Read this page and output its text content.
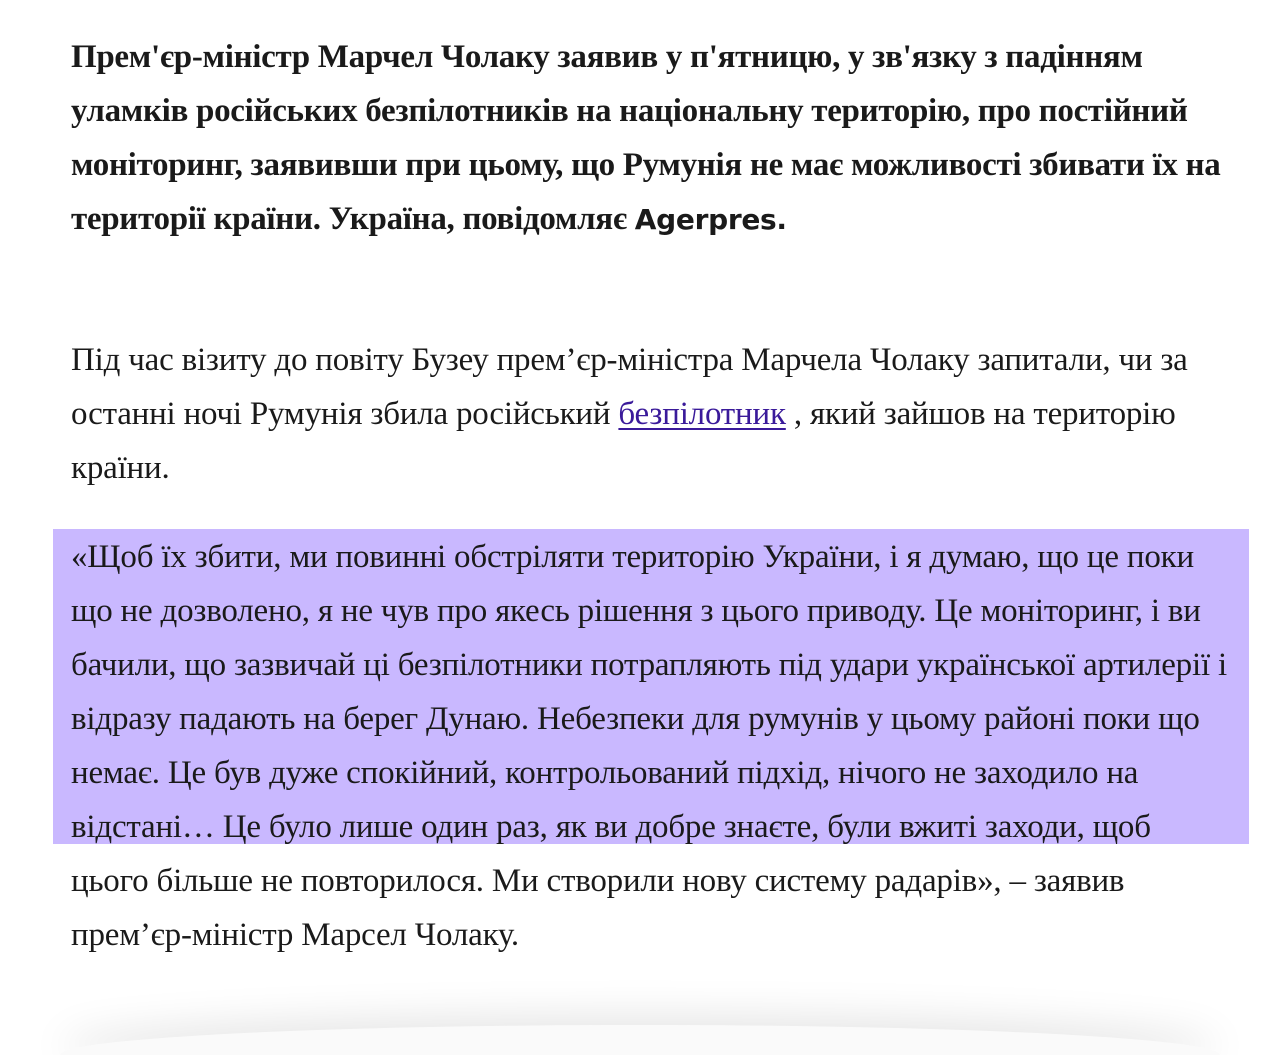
Прем'єр-міністр Марчел Чолаку заявив у п'ятницю, у зв'язку з падінням уламків російських безпілотників на національну територію, про постійний моніторинг, заявивши при цьому, що Румунія не має можливості збивати їх на території країни. Україна, повідомляє Agerpres.

Під час візиту до повіту Бузеу прем’єр-міністра Марчела Чолаку запитали, чи за останні ночі Румунія збила російський безпілотник , який зайшов на територію країни.

«Щоб їх збити, ми повинні обстріляти територію України, і я думаю, що це поки що не дозволено, я не чув про якесь рішення з цього приводу. Це моніторинг, і ви бачили, що зазвичай ці безпілотники потрапляють під удари української артилерії і відразу падають на берег Дунаю. Небезпеки для румунів у цьому районі поки що немає. Це був дуже спокійний, контрольований підхід, нічого не заходило на відстані… Це було лише один раз, як ви добре знаєте, були вжиті заходи, щоб цього більше не повторилося. Ми створили нову систему радарів», – заявив прем’єр-міністр Марсел Чолаку.
